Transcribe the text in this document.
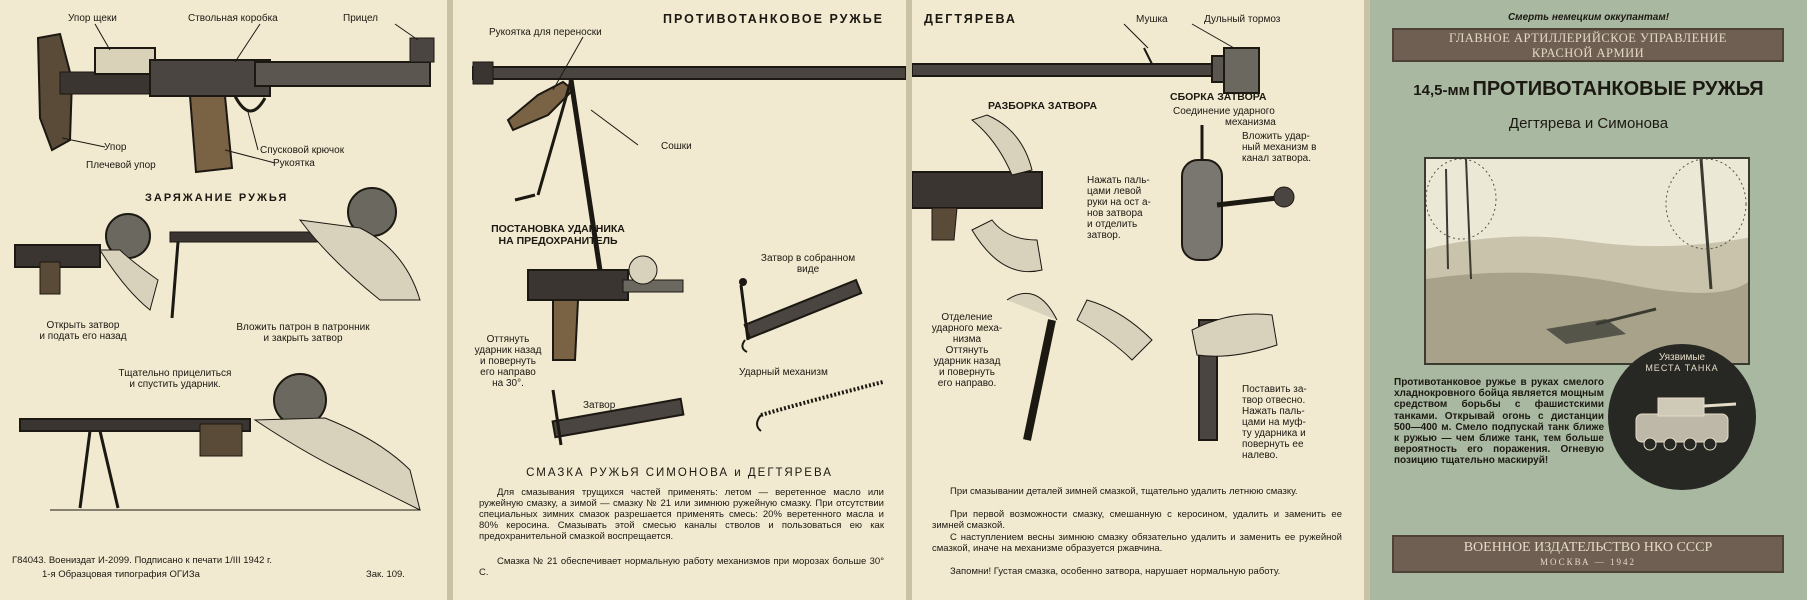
Упор щеки	Ствольная коробка	Прицел
Упор	Спусковой крючок
Плечевой упор	Рукоятка
ЗАРЯЖАНИЕ РУЖЬЯ
Открыть затвор
и подать его назад
Вложить патрон в патронник
и закрыть затвор
Тщательно прицелиться
и спустить ударник.
Г84043. Воениздат И-2099. Подписано к печати 1/III 1942 г.
1-я Образцовая типография ОГИЗа	Зак. 109.
ПРОТИВОТАНКОВОЕ РУЖЬЕ
Рукоятка для переноски
Сошки
ПОСТАНОВКА УДАРНИКА
НА ПРЕДОХРАНИТЕЛЬ
Оттянуть
ударник назад
и повернуть
его направо
на 30°.
Затвор в собранном
виде
Ударный механизм
Затвор
СМАЗКА РУЖЬЯ СИМОНОВА и ДЕГТЯРЕВА
Для смазывания трущихся частей применять: летом — веретенное масло или ружейную смазку, а зимой — смазку № 21 или зимнюю ружейную смазку. При отсутствии специальных зимних смазок разрешается применять смесь: 20% веретенного масла и 80% керосина. Смазывать этой смесью каналы стволов и пользоваться ею как предохранительной смазкой воспрещается.
Смазка № 21 обеспечивает нормальную работу механизмов при морозах больше 30° С.
ДЕГТЯРЕВА	Мушка	Дульный тормоз
РАЗБОРКА ЗАТВОРА
СБОРКА ЗАТВОРА
Соединение ударного
механизма
Вложить удар-
ный механизм в
канал затвора.
Нажать паль-
цами левой
руки на ост а-
нов затвора
и отделить
затвор.
Отделение
ударного меха-
низма
Оттянуть
ударник назад
и повернуть
его направо.
Поставить за-
твор отвесно.
Нажать паль-
цами на муф-
ту ударника и
повернуть ее
налево.
При смазывании деталей зимней смазкой, тщательно удалить летнюю смазку.
При первой возможности смазку, смешанную с керосином, удалить и заменить ее зимней смазкой.
С наступлением весны зимнюю смазку обязательно удалить и заменить ее ружейной смазкой, иначе на механизме образуется ржавчина.
Запомни! Густая смазка, особенно затвора, нарушает нормальную работу.
Смерть немецким оккупантам!
ГЛАВНОЕ АРТИЛЛЕРИЙСКОЕ УПРАВЛЕНИЕ
КРАСНОЙ АРМИИ
14,5-мм ПРОТИВОТАНКОВЫЕ РУЖЬЯ
Дегтярева и Симонова
Противотанковое ружье в руках смелого хладнокровного бойца является мощным средством борьбы с фашистскими танками. Открывай огонь с дистанции 500—400 м. Смело подпускай танк ближе к ружью — чем ближе танк, тем больше вероятность его поражения. Огневую позицию тщательно маскируй!
Уязвимые
МЕСТА ТАНКА
ВОЕННОЕ ИЗДАТЕЛЬСТВО НКО СССР
МОСКВА — 1942
